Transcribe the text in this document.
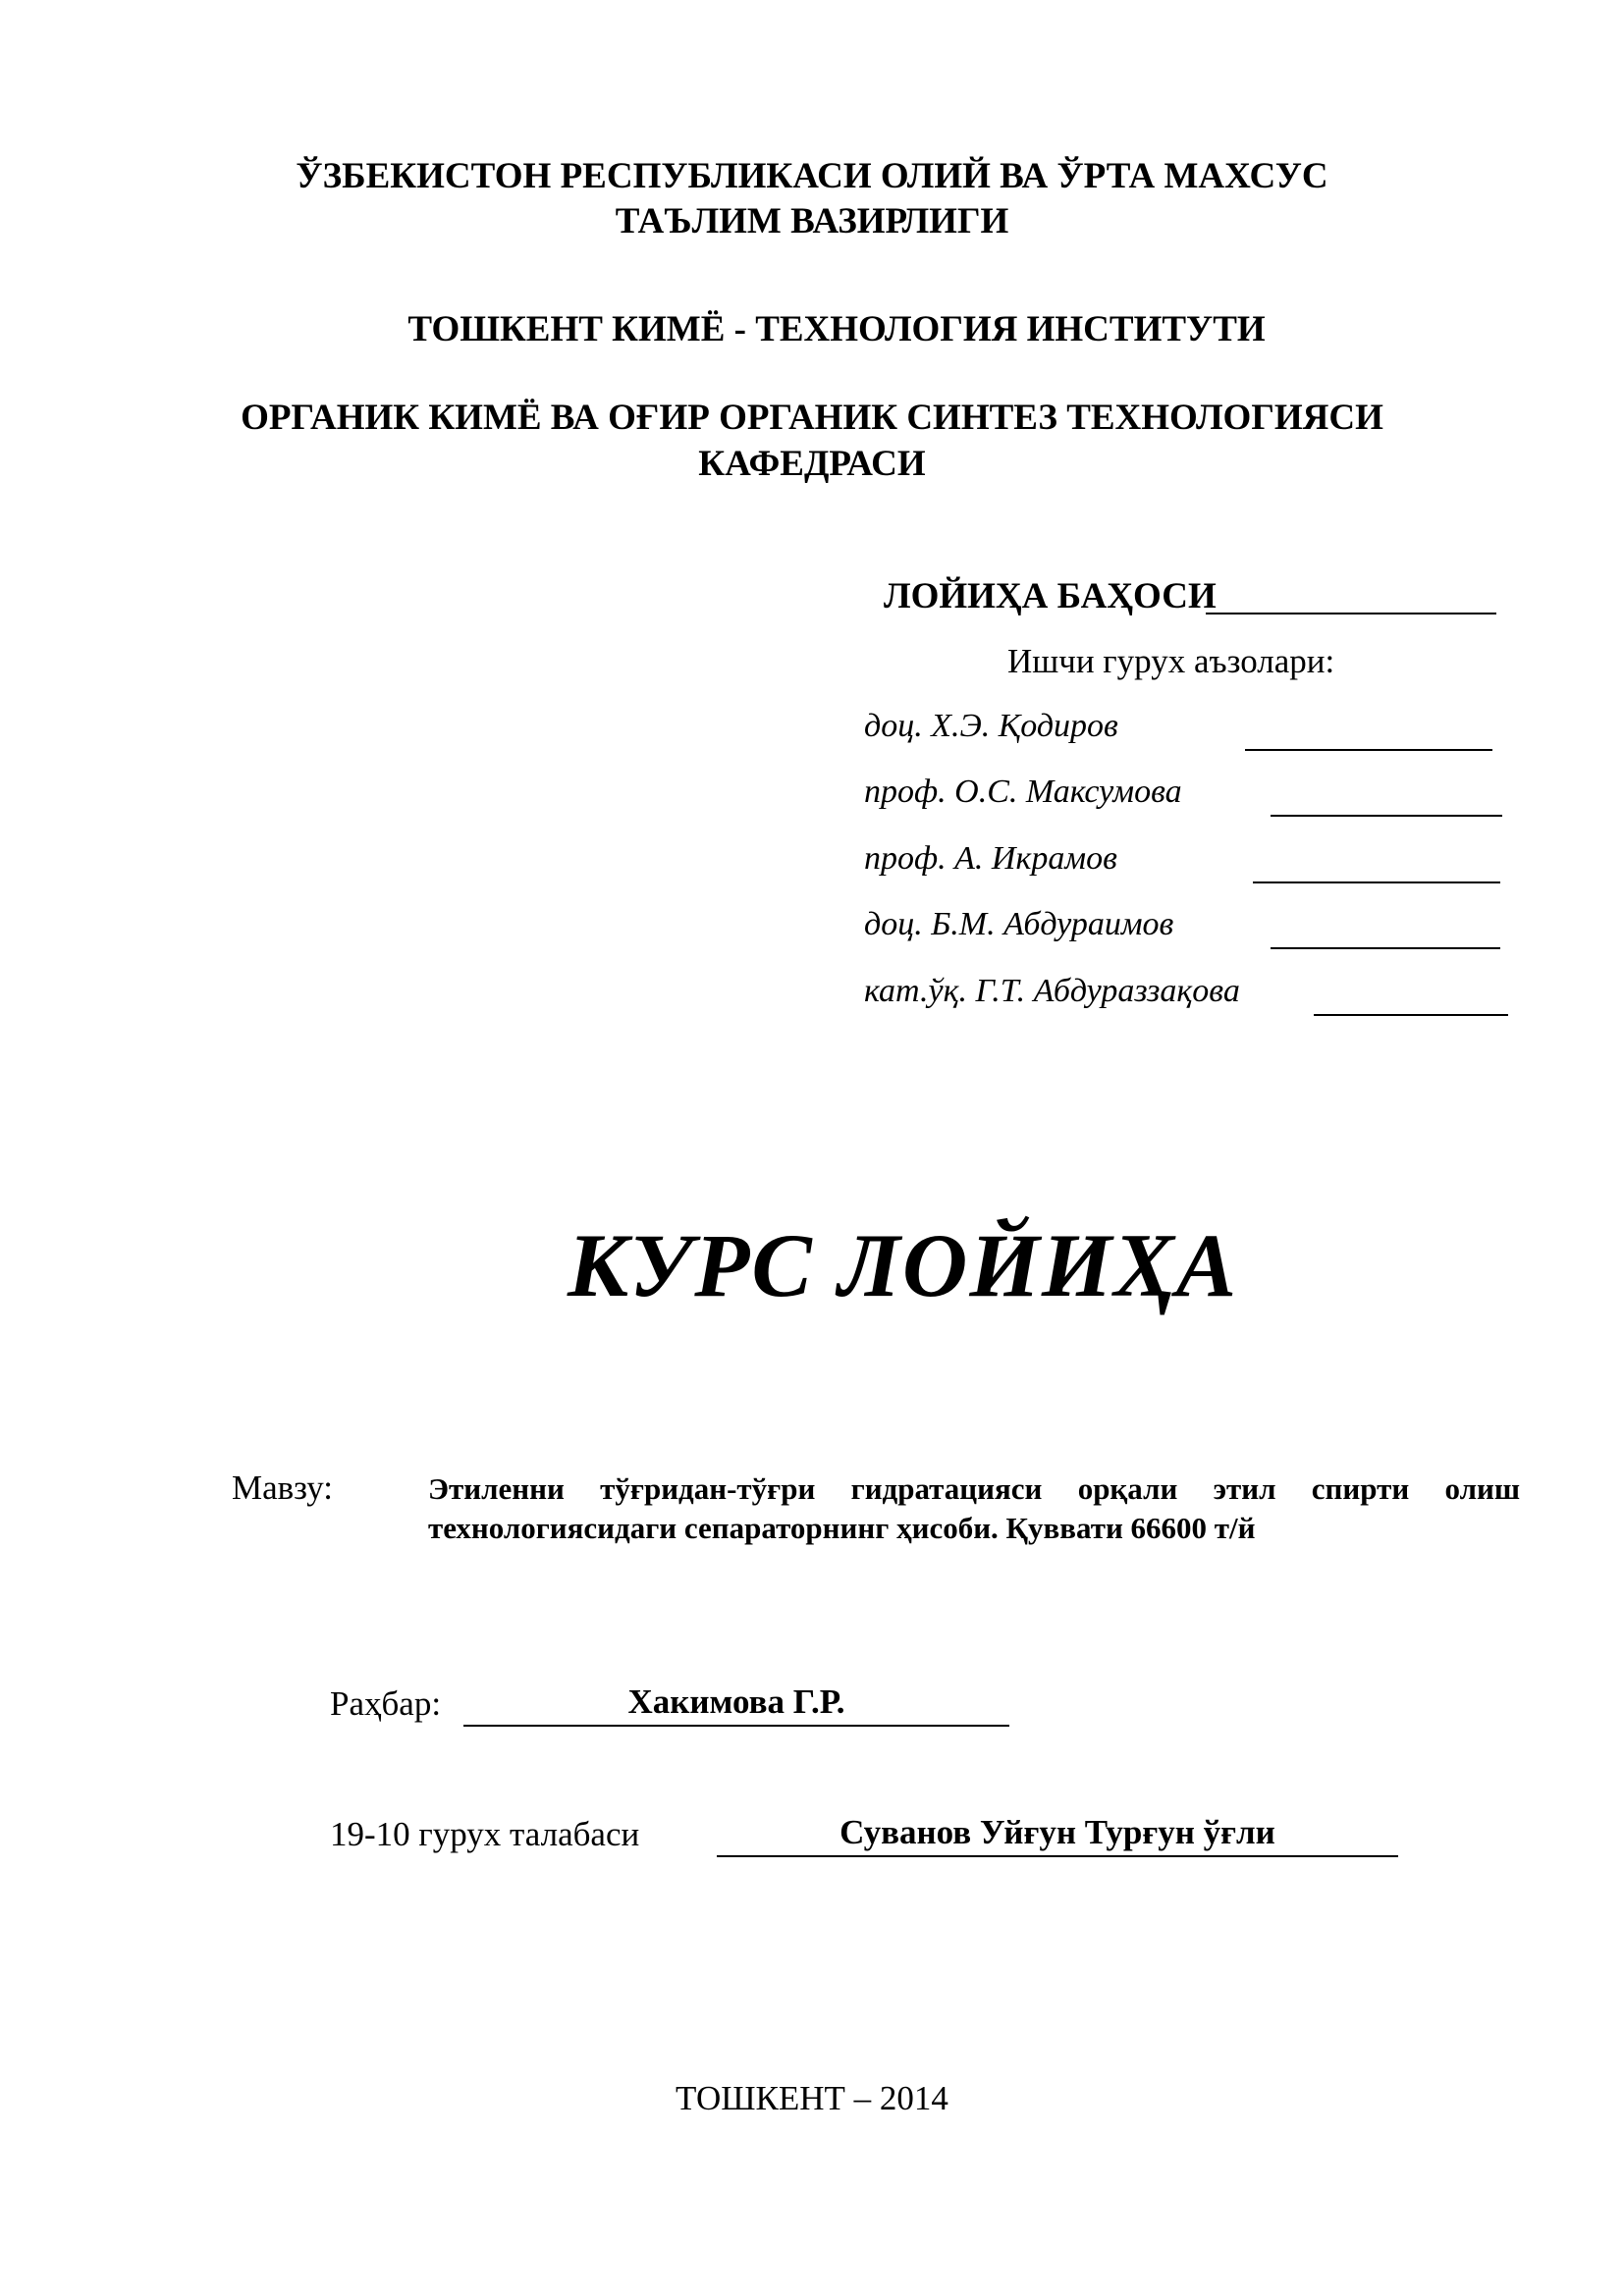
ЎЗБЕКИСТОН РЕСПУБЛИКАСИ ОЛИЙ ВА ЎРТА МАХСУС
ТАЪЛИМ ВАЗИРЛИГИ
ТОШКЕНТ КИМЁ - ТЕХНОЛОГИЯ ИНСТИТУТИ
ОРГАНИК КИМЁ ВА ОҒИР ОРГАНИК СИНТЕЗ ТЕХНОЛОГИЯСИ
КАФЕДРАСИ
ЛОЙИҲА БАҲОСИ
Ишчи гурух аъзолари:
доц. Х.Э. Қодиров
проф. О.С. Максумова
проф. А. Икрамов
доц. Б.М. Абдураимов
кат.ўқ. Г.Т. Абдураззақова
КУРС ЛОЙИҲА
Мавзу:	Этиленни тўғридан-тўғри гидратацияси орқали этил спирти олиш технологиясидаги сепараторнинг ҳисоби. Қуввати 66600 т/й
Раҳбар:	Хакимова Г.Р.
19-10 гурух талабаси	Суванов Уйғун Турғун ўғли
ТОШКЕНТ – 2014
